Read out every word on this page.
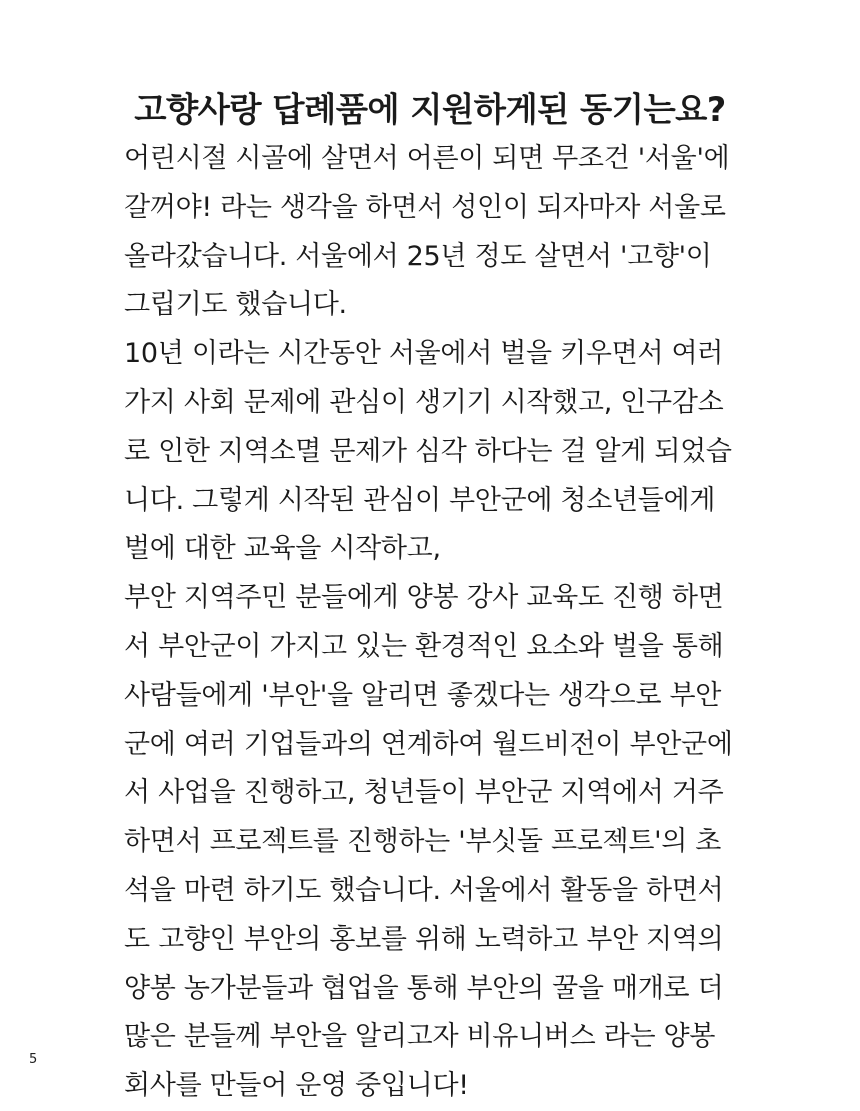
고향사랑 답례품에 지원하게된 동기는요?
어린시절 시골에 살면서 어른이 되면 무조건 '서울'에
갈꺼야! 라는 생각을 하면서 성인이 되자마자 서울로
올라갔습니다. 서울에서 25년 정도 살면서 '고향'이
그립기도 했습니다.
10년 이라는 시간동안 서울에서 벌을 키우면서 여러
가지 사회 문제에 관심이 생기기 시작했고, 인구감소
로 인한 지역소멸 문제가 심각 하다는 걸 알게 되었습
니다. 그렇게 시작된 관심이 부안군에 청소년들에게
벌에 대한 교육을 시작하고,
부안 지역주민 분들에게 양봉 강사 교육도 진행 하면
서 부안군이 가지고 있는 환경적인 요소와 벌을 통해
사람들에게 '부안'을 알리면 좋겠다는 생각으로 부안
군에 여러 기업들과의 연계하여 월드비전이 부안군에
서 사업을 진행하고, 청년들이 부안군 지역에서 거주
하면서 프로젝트를 진행하는 '부싯돌 프로젝트'의 초
석을 마련 하기도 했습니다. 서울에서 활동을 하면서
도 고향인 부안의 홍보를 위해 노력하고 부안 지역의
양봉 농가분들과 협업을 통해 부안의 꿀을 매개로 더
많은 분들께 부안을 알리고자 비유니버스 라는 양봉
회사를 만들어 운영 중입니다!
5
